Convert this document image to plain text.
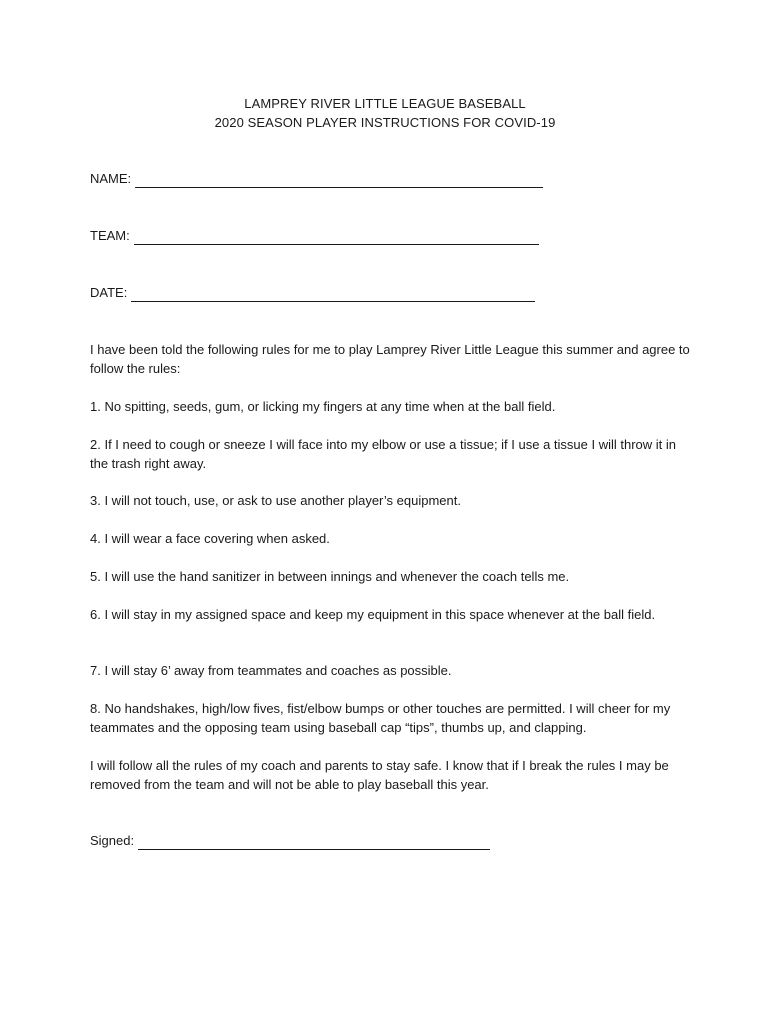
LAMPREY RIVER LITTLE LEAGUE BASEBALL
2020 SEASON PLAYER INSTRUCTIONS FOR COVID-19
NAME:
TEAM:
DATE:

I have been told the following rules for me to play Lamprey River Little League this summer and agree to follow the rules:

1. No spitting, seeds, gum, or licking my fingers at any time when at the ball field.

2. If I need to cough or sneeze I will face into my elbow or use a tissue; if I use a tissue I will throw it in the trash right away.

3. I will not touch, use, or ask to use another player’s equipment.

4. I will wear a face covering when asked.

5. I will use the hand sanitizer in between innings and whenever the coach tells me.

6. I will stay in my assigned space and keep my equipment in this space whenever at the ball field.

7. I will stay 6’ away from teammates and coaches as possible.

8. No handshakes, high/low fives, fist/elbow bumps or other touches are permitted. I will cheer for my teammates and the opposing team using baseball cap “tips”, thumbs up, and clapping.

I will follow all the rules of my coach and parents to stay safe. I know that if I break the rules I may be removed from the team and will not be able to play baseball this year.

Signed:
